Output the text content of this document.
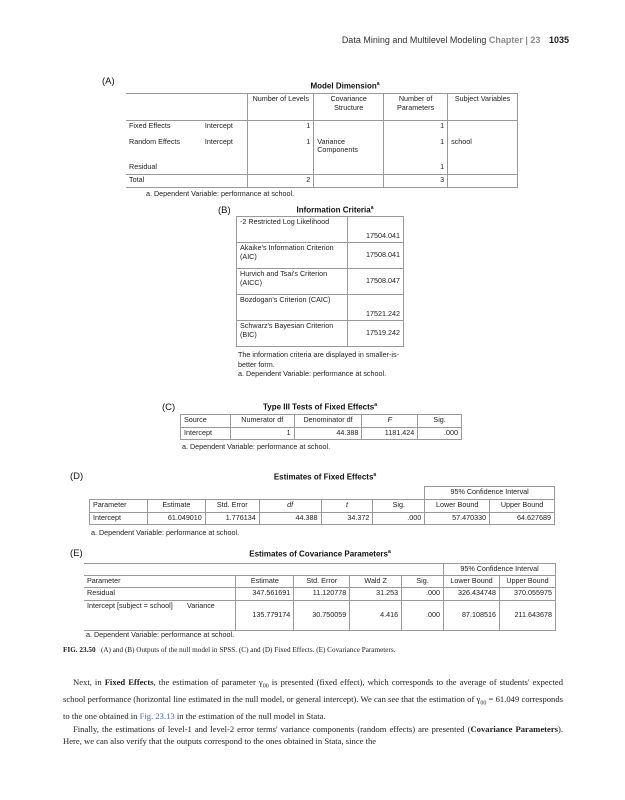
Data Mining and Multilevel Modeling Chapter | 23 1035
(A)	Model Dimension$^a$
		Number of Levels	Covariance Structure	Number of Parameters	Subject Variables
Fixed Effects	Intercept	1		1	
Random Effects	Intercept	1	Variance Components	1	school
Residual				1	
Total		2		3	
a. Dependent Variable: performance at school.
(B)	Information Criteria$^a$
-2 Restricted Log Likelihood	17504.041
Akaike's Information Criterion (AIC)	17508.041
Hurvich and Tsai's Criterion (AICC)	17508.047
Bozdogan's Criterion (CAIC)	17521.242
Schwarz's Bayesian Criterion (BIC)	17519.242
The information criteria are displayed in smaller-is-better form.
a. Dependent Variable: performance at school.
(C)	Type III Tests of Fixed Effects$^a$
Source	Numerator df	Denominator df	F	Sig.
Intercept	1	44.388	1181.424	.000
a. Dependent Variable: performance at school.
(D)	Estimates of Fixed Effects$^a$
						95% Confidence Interval	
Parameter	Estimate	Std. Error	df	t	Sig.	Lower Bound	Upper Bound
Intercept	61.049010	1.776134	44.388	34.372	.000	57.470330	64.627689
a. Dependent Variable: performance at school.
(E)	Estimates of Covariance Parameters$^a$
						95% Confidence Interval	
Parameter		Estimate	Std. Error	Wald Z	Sig.	Lower Bound	Upper Bound
Residual		347.561691	11.120778	31.253	.000	326.434748	370.055975
Intercept [subject = school]	Variance	135.779174	30.750059	4.416	.000	87.108516	211.643678
a. Dependent Variable: performance at school.
FIG. 23.50 (A) and (B) Outputs of the null model in SPSS. (C) and (D) Fixed Effects. (E) Covariance Parameters.

Next, in Fixed Effects, the estimation of parameter $\gamma_{00}$ is presented (fixed effect), which corresponds to the average of students' expected school performance (horizontal line estimated in the null model, or general intercept). We can see that the estimation of $\gamma_{00} = 61.049$ corresponds to the one obtained in Fig. 23.13 in the estimation of the null model in Stata.

Finally, the estimations of level-1 and level-2 error terms' variance components (random effects) are presented (Covariance Parameters). Here, we can also verify that the outputs correspond to the ones obtained in Stata, since the
